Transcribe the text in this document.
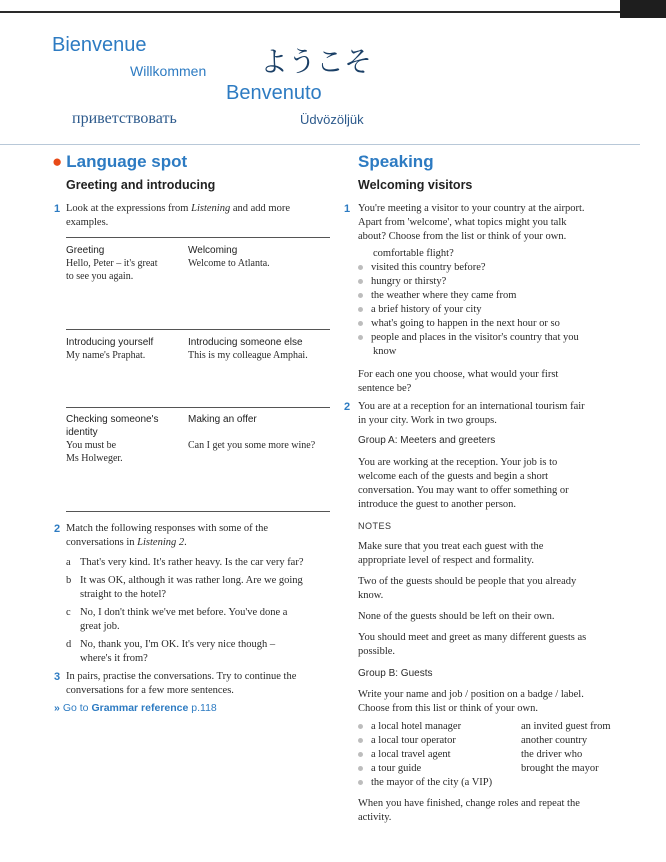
Bienvenue
Willkommen ようこそ
Benvenuto
приветствовать	Üdvözöljük
● Language spot
Greeting and introducing
1 Look at the expressions from Listening and add more
examples.
Greeting
Hello, Peter – it's great
to see you again.
Welcoming
Welcome to Atlanta.
Introducing yourself
My name's Praphat.
Introducing someone else
This is my colleague Amphai.
Checking someone's
identity
You must be
Ms Holweger.
Making an offer

Can I get you some more wine?
2 Match the following responses with some of the
conversations in Listening 2.
a That's very kind. It's rather heavy. Is the car very far?
b It was OK, although it was rather long. Are we going
straight to the hotel?
c No, I don't think we've met before. You've done a
great job.
d No, thank you, I'm OK. It's very nice though –
where's it from?
3 In pairs, practise the conversations. Try to continue the
conversations for a few more sentences.
» Go to Grammar reference p.118
Speaking
Welcoming visitors
1 You're meeting a visitor to your country at the airport.
Apart from 'welcome', what topics might you talk
about? Choose from the list or think of your own.
comfortable flight?
visited this country before?
hungry or thirsty?
the weather where they came from
a brief history of your city
what's going to happen in the next hour or so
people and places in the visitor's country that you
know
For each one you choose, what would your first
sentence be?
2 You are at a reception for an international tourism fair
in your city. Work in two groups.
Group A: Meeters and greeters
You are working at the reception. Your job is to
welcome each of the guests and begin a short
conversation. You may want to offer something or
introduce the guest to another person.
NOTES
Make sure that you treat each guest with the
appropriate level of respect and formality.
Two of the guests should be people that you already
know.
None of the guests should be left on their own.
You should meet and greet as many different guests as
possible.
Group B: Guests
Write your name and job / position on a badge / label.
Choose from this list or think of your own.
a local hotel manager
a local tour operator
a local travel agent
a tour guide
the mayor of the city (a VIP)
an invited guest from
another country
the driver who
brought the mayor
When you have finished, change roles and repeat the
activity.
